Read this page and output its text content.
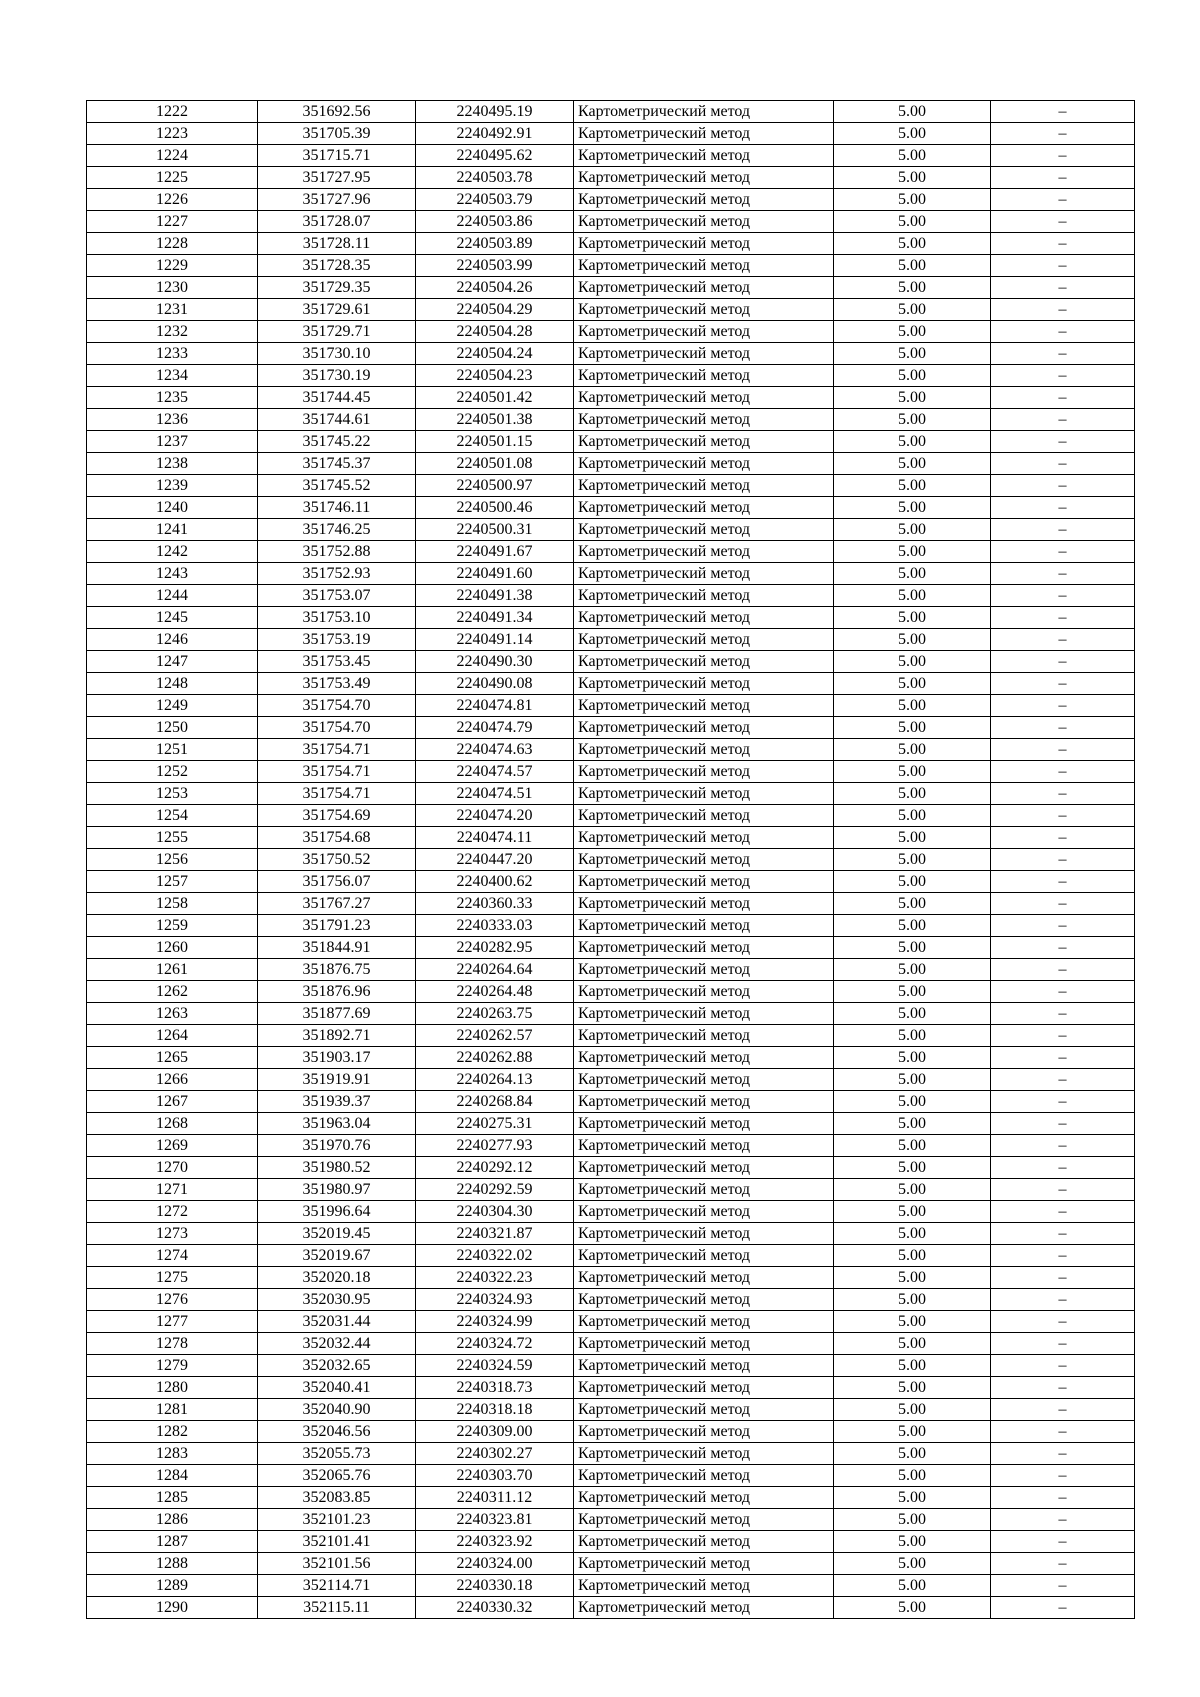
1222	351692.56	2240495.19	Картометрический метод	5.00	–
1223	351705.39	2240492.91	Картометрический метод	5.00	–
1224	351715.71	2240495.62	Картометрический метод	5.00	–
1225	351727.95	2240503.78	Картометрический метод	5.00	–
1226	351727.96	2240503.79	Картометрический метод	5.00	–
1227	351728.07	2240503.86	Картометрический метод	5.00	–
1228	351728.11	2240503.89	Картометрический метод	5.00	–
1229	351728.35	2240503.99	Картометрический метод	5.00	–
1230	351729.35	2240504.26	Картометрический метод	5.00	–
1231	351729.61	2240504.29	Картометрический метод	5.00	–
1232	351729.71	2240504.28	Картометрический метод	5.00	–
1233	351730.10	2240504.24	Картометрический метод	5.00	–
1234	351730.19	2240504.23	Картометрический метод	5.00	–
1235	351744.45	2240501.42	Картометрический метод	5.00	–
1236	351744.61	2240501.38	Картометрический метод	5.00	–
1237	351745.22	2240501.15	Картометрический метод	5.00	–
1238	351745.37	2240501.08	Картометрический метод	5.00	–
1239	351745.52	2240500.97	Картометрический метод	5.00	–
1240	351746.11	2240500.46	Картометрический метод	5.00	–
1241	351746.25	2240500.31	Картометрический метод	5.00	–
1242	351752.88	2240491.67	Картометрический метод	5.00	–
1243	351752.93	2240491.60	Картометрический метод	5.00	–
1244	351753.07	2240491.38	Картометрический метод	5.00	–
1245	351753.10	2240491.34	Картометрический метод	5.00	–
1246	351753.19	2240491.14	Картометрический метод	5.00	–
1247	351753.45	2240490.30	Картометрический метод	5.00	–
1248	351753.49	2240490.08	Картометрический метод	5.00	–
1249	351754.70	2240474.81	Картометрический метод	5.00	–
1250	351754.70	2240474.79	Картометрический метод	5.00	–
1251	351754.71	2240474.63	Картометрический метод	5.00	–
1252	351754.71	2240474.57	Картометрический метод	5.00	–
1253	351754.71	2240474.51	Картометрический метод	5.00	–
1254	351754.69	2240474.20	Картометрический метод	5.00	–
1255	351754.68	2240474.11	Картометрический метод	5.00	–
1256	351750.52	2240447.20	Картометрический метод	5.00	–
1257	351756.07	2240400.62	Картометрический метод	5.00	–
1258	351767.27	2240360.33	Картометрический метод	5.00	–
1259	351791.23	2240333.03	Картометрический метод	5.00	–
1260	351844.91	2240282.95	Картометрический метод	5.00	–
1261	351876.75	2240264.64	Картометрический метод	5.00	–
1262	351876.96	2240264.48	Картометрический метод	5.00	–
1263	351877.69	2240263.75	Картометрический метод	5.00	–
1264	351892.71	2240262.57	Картометрический метод	5.00	–
1265	351903.17	2240262.88	Картометрический метод	5.00	–
1266	351919.91	2240264.13	Картометрический метод	5.00	–
1267	351939.37	2240268.84	Картометрический метод	5.00	–
1268	351963.04	2240275.31	Картометрический метод	5.00	–
1269	351970.76	2240277.93	Картометрический метод	5.00	–
1270	351980.52	2240292.12	Картометрический метод	5.00	–
1271	351980.97	2240292.59	Картометрический метод	5.00	–
1272	351996.64	2240304.30	Картометрический метод	5.00	–
1273	352019.45	2240321.87	Картометрический метод	5.00	–
1274	352019.67	2240322.02	Картометрический метод	5.00	–
1275	352020.18	2240322.23	Картометрический метод	5.00	–
1276	352030.95	2240324.93	Картометрический метод	5.00	–
1277	352031.44	2240324.99	Картометрический метод	5.00	–
1278	352032.44	2240324.72	Картометрический метод	5.00	–
1279	352032.65	2240324.59	Картометрический метод	5.00	–
1280	352040.41	2240318.73	Картометрический метод	5.00	–
1281	352040.90	2240318.18	Картометрический метод	5.00	–
1282	352046.56	2240309.00	Картометрический метод	5.00	–
1283	352055.73	2240302.27	Картометрический метод	5.00	–
1284	352065.76	2240303.70	Картометрический метод	5.00	–
1285	352083.85	2240311.12	Картометрический метод	5.00	–
1286	352101.23	2240323.81	Картометрический метод	5.00	–
1287	352101.41	2240323.92	Картометрический метод	5.00	–
1288	352101.56	2240324.00	Картометрический метод	5.00	–
1289	352114.71	2240330.18	Картометрический метод	5.00	–
1290	352115.11	2240330.32	Картометрический метод	5.00	–
